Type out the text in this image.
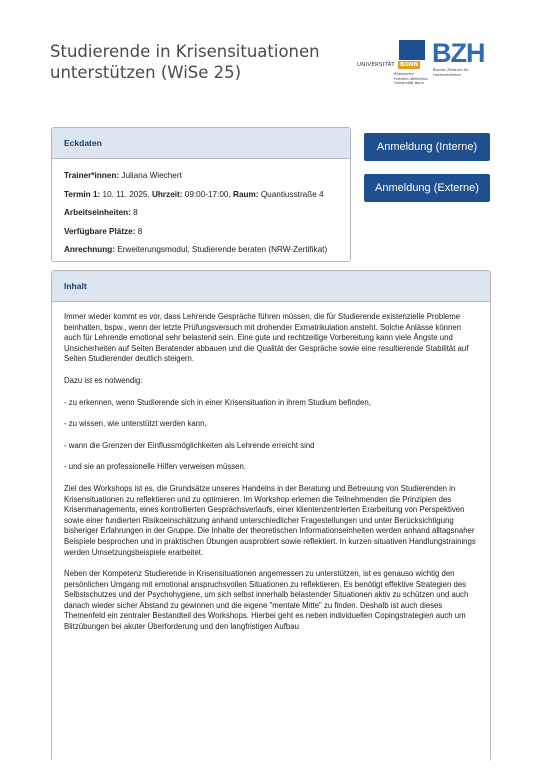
Studierende in Krisensituationen
unterstützen (WiSe 25)	UNIVERSITÄT BONN
Rheinische Friedrich-Wilhelms-Universität Bonn
BZH
Bonner Zentrum für Hochschullehre
Eckdaten
Trainer*innen: Juliana Wiechert
Termin 1: 10. 11. 2025, Uhrzeit: 09:00-17:00, Raum: Quantiusstraße 4
Arbeitseinheiten: 8
Verfügbare Plätze: 8
Anrechnung: Erweiterungsmodul, Studierende beraten (NRW-Zertifikat)
Anmeldung (Interne)
Anmeldung (Externe)
Inhalt

Immer wieder kommt es vor, dass Lehrende Gespräche führen müssen, die für Studierende existenzielle Probleme beinhalten, bspw., wenn der letzte Prüfungsversuch mit drohender Exmatrikulation ansteht. Solche Anlässe können auch für Lehrende emotional sehr belastend sein. Eine gute und rechtzeitige Vorbereitung kann viele Ängste und Unsicherheiten auf Seiten Beratender abbauen und die Qualität der Gespräche sowie eine resultierende Stabilität auf Seiten Studierender deutlich steigern.

Dazu ist es notwendig:

- zu erkennen, wenn Studierende sich in einer Krisensituation in ihrem Studium befinden,

- zu wissen, wie unterstützt werden kann,

- wann die Grenzen der Einflussmöglichkeiten als Lehrende erreicht sind

- und sie an professionelle Hilfen verweisen müssen.

Ziel des Workshops ist es, die Grundsätze unseres Handelns in der Beratung und Betreuung von Studierenden in Krisensituationen zu reflektieren und zu optimieren. Im Workshop erlernen die Teilnehmenden die Prinzipien des Krisenmanagements, eines kontrollierten Gesprächsverlaufs, einer klientenzentrierten Erarbeitung von Perspektiven sowie einer fundierten Risikoeinschätzung anhand unterschiedlicher Fragestellungen und unter Berücksichtigung bisheriger Erfahrungen in der Gruppe. Die Inhalte der theoretischen Informationseinheiten werden anhand alltagsnaher Beispiele besprochen und in praktischen Übungen ausprobiert sowie reflektiert. In kurzen situativen Handlungstrainings werden Umsetzungsbeispiele erarbeitet.

Neben der Kompetenz Studierende in Krisensituationen angemessen zu unterstützen, ist es genauso wichtig den persönlichen Umgang mit emotional anspruchsvollen Situationen zu reflektieren. Es benötigt effektive Strategien des Selbstschutzes und der Psychohygiene, um sich selbst innerhalb belastender Situationen aktiv zu schützen und auch danach wieder sicher Abstand zu gewinnen und die eigene "mentale Mitte" zu finden. Deshalb ist auch dieses Themenfeld ein zentraler Bestandteil des Workshops. Hierbei geht es neben individuellen Copingstrategien auch um Blitzübungen bei akuter Überforderung und den langfristigen Aufbau
